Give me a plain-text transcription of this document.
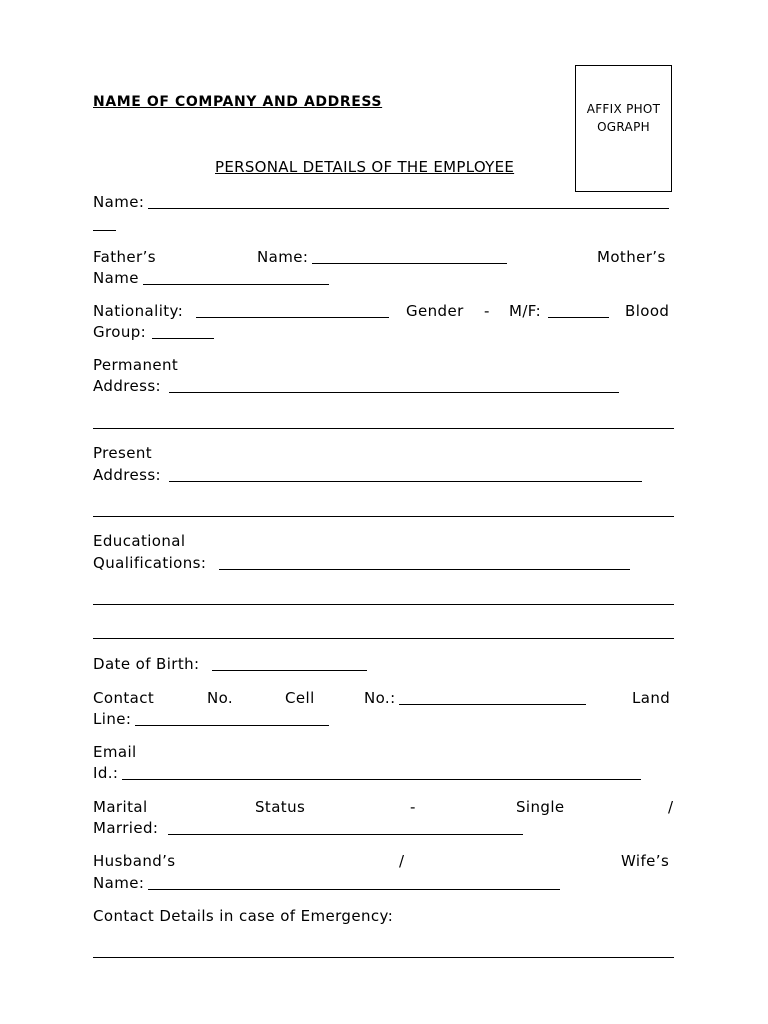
NAME OF COMPANY AND ADDRESS	AFFIX PHOTOGRAPH
PERSONAL DETAILS OF THE EMPLOYEE
Name:
Father’s	Name:	Mother’s
Name
Nationality:	Gender - M/F:	Blood
Group:
Permanent
Address:
Present
Address:
Educational
Qualifications:
Date of Birth:
Contact	No.	Cell	No.:	Land
Line:
Email
Id.:
Marital	Status	-	Single	/
Married:
Husband’s	/	Wife’s
Name:
Contact Details in case of Emergency:
